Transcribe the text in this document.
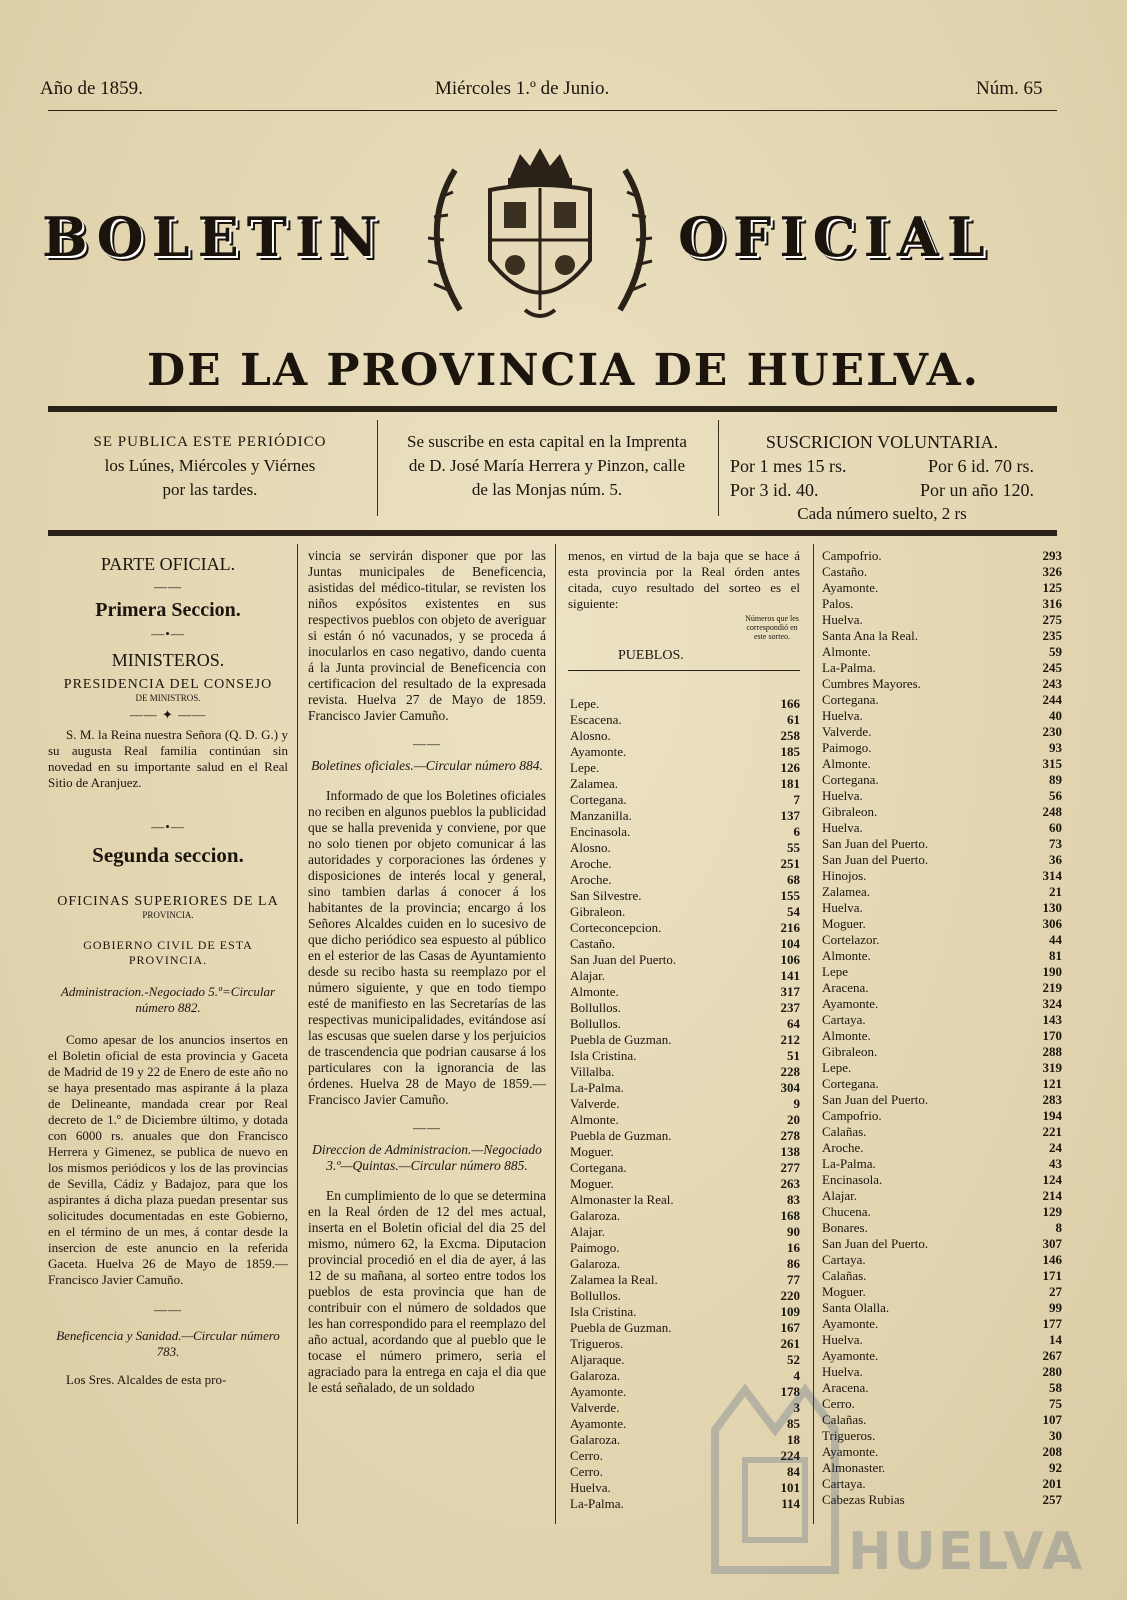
Año de 1859.	Miércoles 1.º de Junio.	Núm. 65
BOLETIN	OFICIAL
DE LA PROVINCIA DE HUELVA.
SE PUBLICA ESTE PERIÓDICO
los Lúnes, Miércoles y Viérnes
por las tardes.
Se suscribe en esta capital en la Imprenta
de D. José María Herrera y Pinzon, calle
de las Monjas núm. 5.
SUSCRICION VOLUNTARIA.
Por 1 mes 15 rs.	Por 6 id. 70 rs.
Por 3 id. 40.	Por un año 120.
Cada número suelto, 2 rs

PARTE OFICIAL.

——

Primera Seccion.

—•—

MINISTEROS.

PRESIDENCIA DEL CONSEJO

DE MINISTROS.

—— ✦ ——

S. M. la Reina nuestra Señora (Q. D. G.) y su augusta Real familia continúan sin novedad en su importante salud en el Real Sitio de Aranjuez.

—•—

Segunda seccion.

OFICINAS SUPERIORES DE LA

PROVINCIA.

GOBIERNO CIVIL DE ESTA PROVINCIA.

Administracion.-Negociado 5.º=Circular número 882.

Como apesar de los anuncios insertos en el Boletin oficial de esta provincia y Gaceta de Madrid de 19 y 22 de Enero de este año no se haya presentado mas aspirante á la plaza de Delineante, mandada crear por Real decreto de 1.º de Diciembre último, y dotada con 6000 rs. anuales que don Francisco Herrera y Gimenez, se publica de nuevo en los mismos periódicos y los de las provincias de Sevilla, Cádiz y Badajoz, para que los aspirantes á dicha plaza puedan presentar sus solicitudes documentadas en este Gobierno, en el término de un mes, á contar desde la insercion de este anuncio en la referida Gaceta. Huelva 26 de Mayo de 1859.—Francisco Javier Camuño.

——

Beneficencia y Sanidad.—Circular número 783.

Los Sres. Alcaldes de esta pro-

vincia se servirán disponer que por las Juntas municipales de Beneficencia, asistidas del médico-titular, se revisten los niños expósitos existentes en sus respectivos pueblos con objeto de averiguar si están ó nó vacunados, y se proceda á inocularlos en caso negativo, dando cuenta á la Junta provincial de Beneficencia con certificacion del resultado de la expresada revista. Huelva 27 de Mayo de 1859. Francisco Javier Camuño.

——

Boletines oficiales.—Circular número 884.

Informado de que los Boletines oficiales no reciben en algunos pueblos la publicidad que se halla prevenida y conviene, por que no solo tienen por objeto comunicar á las autoridades y corporaciones las órdenes y disposiciones de interés local y general, sino tambien darlas á conocer á los habitantes de la provincia; encargo á los Señores Alcaldes cuiden en lo sucesivo de que dicho periódico sea espuesto al público en el esterior de las Casas de Ayuntamiento desde su recibo hasta su reemplazo por el número siguiente, y que en todo tiempo esté de manifiesto en las Secretarías de las respectivas municipalidades, evitándose así las escusas que suelen darse y los perjuicios de trascendencia que podrian causarse á los particulares con la ignorancia de las órdenes. Huelva 28 de Mayo de 1859.—Francisco Javier Camuño.

——

Direccion de Administracion.—Negociado 3.º—Quintas.—Circular número 885.

En cumplimiento de lo que se determina en la Real órden de 12 del mes actual, inserta en el Boletin oficial del dia 25 del mismo, número 62, la Excma. Diputacion provincial procedió en el dia de ayer, á las 12 de su mañana, al sorteo entre todos los pueblos de esta provincia que han de contribuir con el número de soldados que les han correspondido para el reemplazo del año actual, acordando que al pueblo que le tocase el número primero, seria el agraciado para la entrega en caja el dia que le está señalado, de un soldado

menos, en virtud de la baja que se hace á esta provincia por la Real órden antes citada, cuyo resultado del sorteo es el siguiente:

PUEBLOS.
Números que les correspondió en este sorteo.
Lepe.	166
Escacena.	61
Alosno.	258
Ayamonte.	185
Lepe.	126
Zalamea.	181
Cortegana.	7
Manzanilla.	137
Encinasola.	6
Alosno.	55
Aroche.	251
Aroche.	68
San Silvestre.	155
Gibraleon.	54
Corteconcepcion.	216
Castaño.	104
San Juan del Puerto.	106
Alajar.	141
Almonte.	317
Bollullos.	237
Bollullos.	64
Puebla de Guzman.	212
Isla Cristina.	51
Villalba.	228
La-Palma.	304
Valverde.	9
Almonte.	20
Puebla de Guzman.	278
Moguer.	138
Cortegana.	277
Moguer.	263
Almonaster la Real.	83
Galaroza.	168
Alajar.	90
Paimogo.	16
Galaroza.	86
Zalamea la Real.	77
Bollullos.	220
Isla Cristina.	109
Puebla de Guzman.	167
Trigueros.	261
Aljaraque.	52
Galaroza.	4
Ayamonte.	178
Valverde.	3
Ayamonte.	85
Galaroza.	18
Cerro.	224
Cerro.	84
Huelva.	101
La-Palma.	114
Campofrio.	293
Castaño.	326
Ayamonte.	125
Palos.	316
Huelva.	275
Santa Ana la Real.	235
Almonte.	59
La-Palma.	245
Cumbres Mayores.	243
Cortegana.	244
Huelva.	40
Valverde.	230
Paimogo.	93
Almonte.	315
Cortegana.	89
Huelva.	56
Gibraleon.	248
Huelva.	60
San Juan del Puerto.	73
San Juan del Puerto.	36
Hinojos.	314
Zalamea.	21
Huelva.	130
Moguer.	306
Cortelazor.	44
Almonte.	81
Lepe	190
Aracena.	219
Ayamonte.	324
Cartaya.	143
Almonte.	170
Gibraleon.	288
Lepe.	319
Cortegana.	121
San Juan del Puerto.	283
Campofrio.	194
Calañas.	221
Aroche.	24
La-Palma.	43
Encinasola.	124
Alajar.	214
Chucena.	129
Bonares.	8
San Juan del Puerto.	307
Cartaya.	146
Calañas.	171
Moguer.	27
Santa Olalla.	99
Ayamonte.	177
Huelva.	14
Ayamonte.	267
Huelva.	280
Aracena.	58
Cerro.	75
Calañas.	107
Trigueros.	30
Ayamonte.	208
Almonaster.	92
Cartaya.	201
Cabezas Rubias	257
HUELVA
